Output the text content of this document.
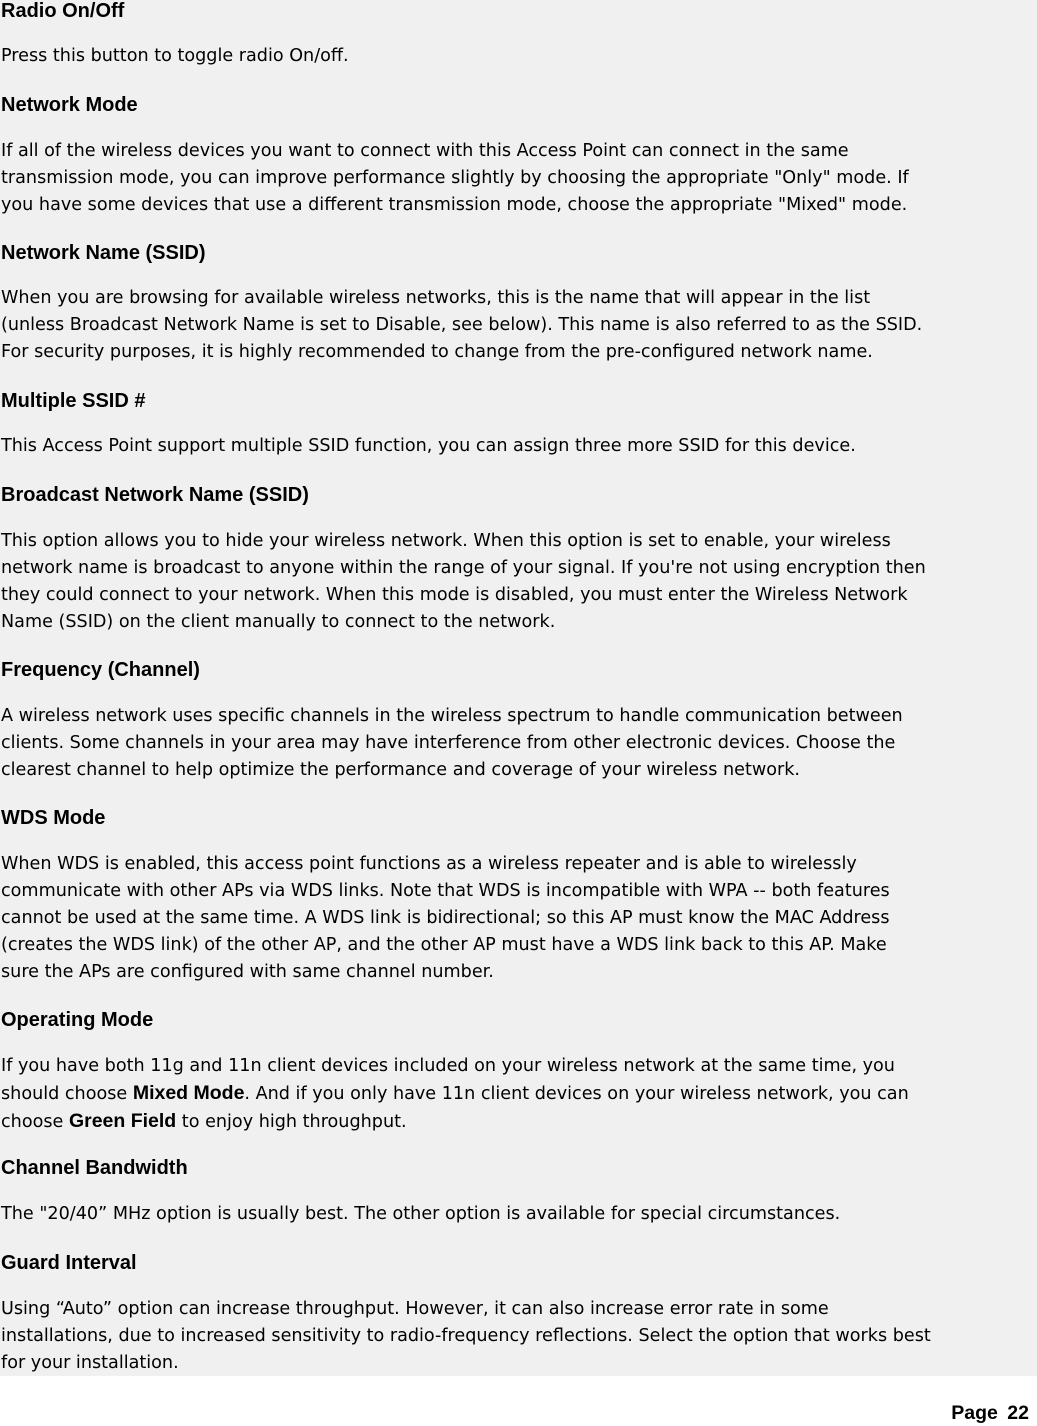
Radio On/Off

Press this button to toggle radio On/off.

Network Mode

If all of the wireless devices you want to connect with this Access Point can connect in the same
transmission mode, you can improve performance slightly by choosing the appropriate "Only" mode. If
you have some devices that use a different transmission mode, choose the appropriate "Mixed" mode.

Network Name (SSID)

When you are browsing for available wireless networks, this is the name that will appear in the list
(unless Broadcast Network Name is set to Disable, see below). This name is also referred to as the SSID.
For security purposes, it is highly recommended to change from the pre-configured network name.

Multiple SSID #

This Access Point support multiple SSID function, you can assign three more SSID for this device.

Broadcast Network Name (SSID)

This option allows you to hide your wireless network. When this option is set to enable, your wireless
network name is broadcast to anyone within the range of your signal. If you're not using encryption then
they could connect to your network. When this mode is disabled, you must enter the Wireless Network
Name (SSID) on the client manually to connect to the network.

Frequency (Channel)

A wireless network uses specific channels in the wireless spectrum to handle communication between
clients. Some channels in your area may have interference from other electronic devices. Choose the
clearest channel to help optimize the performance and coverage of your wireless network.

WDS Mode

When WDS is enabled, this access point functions as a wireless repeater and is able to wirelessly
communicate with other APs via WDS links. Note that WDS is incompatible with WPA -- both features
cannot be used at the same time. A WDS link is bidirectional; so this AP must know the MAC Address
(creates the WDS link) of the other AP, and the other AP must have a WDS link back to this AP. Make
sure the APs are configured with same channel number.

Operating Mode

If you have both 11g and 11n client devices included on your wireless network at the same time, you
should choose Mixed Mode. And if you only have 11n client devices on your wireless network, you can
choose Green Field to enjoy high throughput.

Channel Bandwidth

The "20/40” MHz option is usually best. The other option is available for special circumstances.

Guard Interval

Using “Auto” option can increase throughput. However, it can also increase error rate in some
installations, due to increased sensitivity to radio-frequency reflections. Select the option that works best
for your installation.

Page 22
